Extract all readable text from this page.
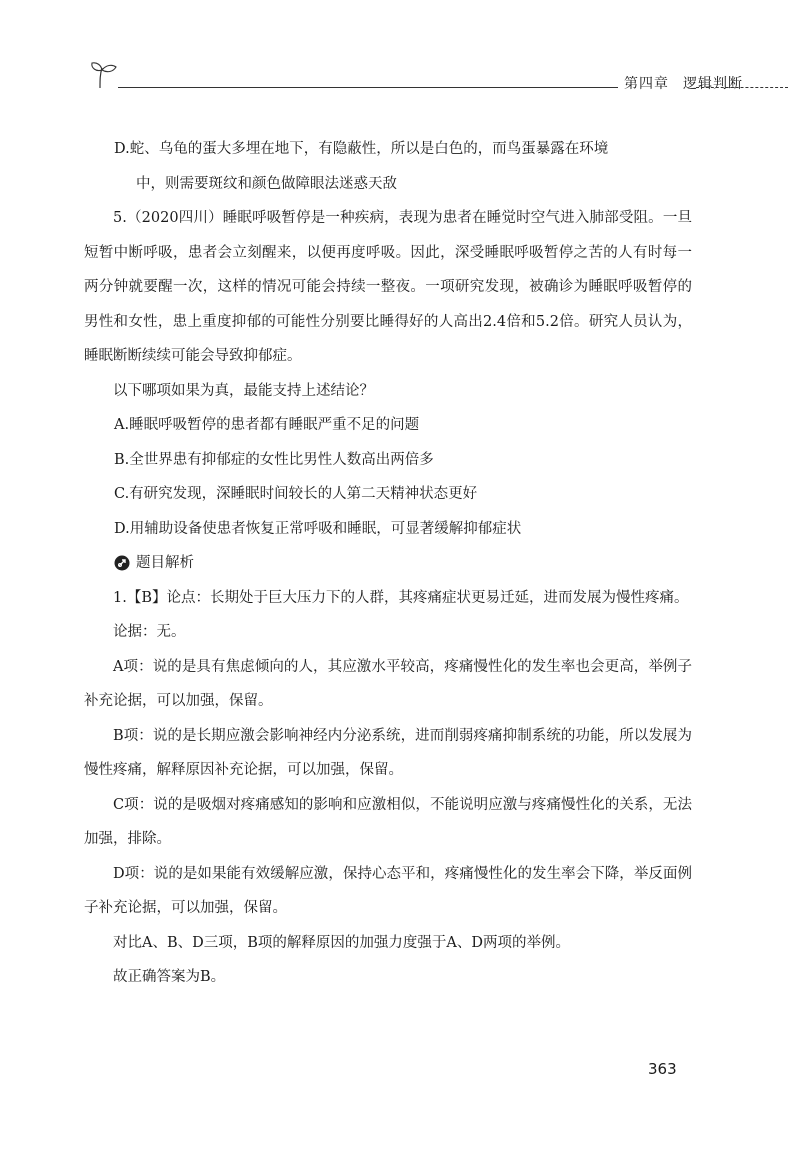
第四章 逻辑判断

D.蛇、乌龟的蛋大多埋在地下，有隐蔽性，所以是白色的，而鸟蛋暴露在环境

中，则需要斑纹和颜色做障眼法迷惑天敌

5.（2020四川）睡眠呼吸暂停是一种疾病，表现为患者在睡觉时空气进入肺部受阻。一旦短暂中断呼吸，患者会立刻醒来，以便再度呼吸。因此，深受睡眠呼吸暂停之苦的人有时每一两分钟就要醒一次，这样的情况可能会持续一整夜。一项研究发现，被确诊为睡眠呼吸暂停的男性和女性，患上重度抑郁的可能性分别要比睡得好的人高出2.4倍和5.2倍。研究人员认为，睡眠断断续续可能会导致抑郁症。

以下哪项如果为真，最能支持上述结论？

A.睡眠呼吸暂停的患者都有睡眠严重不足的问题

B.全世界患有抑郁症的女性比男性人数高出两倍多

C.有研究发现，深睡眠时间较长的人第二天精神状态更好

D.用辅助设备使患者恢复正常呼吸和睡眠，可显著缓解抑郁症状

题目解析

1.【B】论点：长期处于巨大压力下的人群，其疼痛症状更易迁延，进而发展为慢性疼痛。

论据：无。

A项：说的是具有焦虑倾向的人，其应激水平较高，疼痛慢性化的发生率也会更高，举例子补充论据，可以加强，保留。

B项：说的是长期应激会影响神经内分泌系统，进而削弱疼痛抑制系统的功能，所以发展为慢性疼痛，解释原因补充论据，可以加强，保留。

C项：说的是吸烟对疼痛感知的影响和应激相似，不能说明应激与疼痛慢性化的关系，无法加强，排除。

D项：说的是如果能有效缓解应激，保持心态平和，疼痛慢性化的发生率会下降，举反面例子补充论据，可以加强，保留。

对比A、B、D三项，B项的解释原因的加强力度强于A、D两项的举例。

故正确答案为B。

363
